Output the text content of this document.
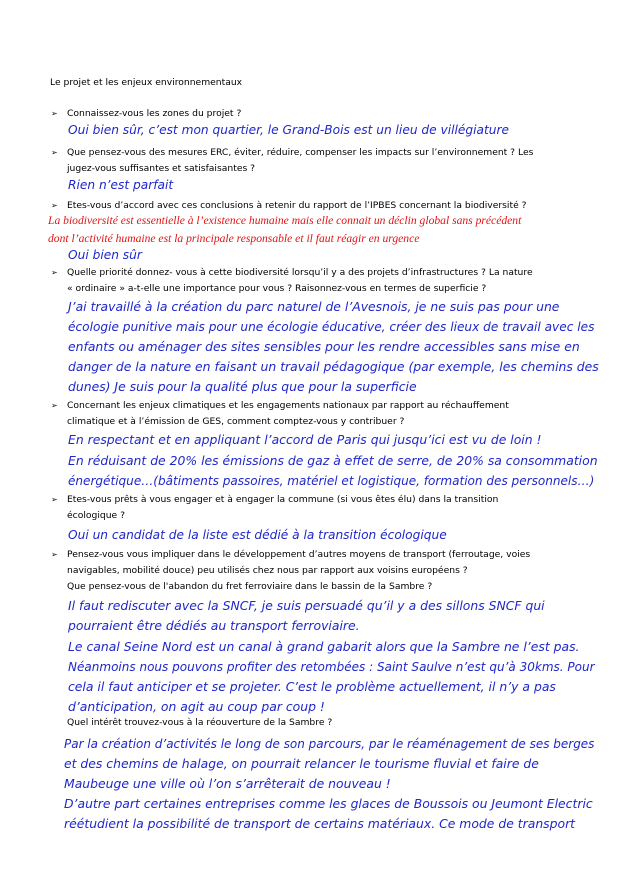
Le projet et les enjeux environnementaux
➢ Connaissez-vous les zones du projet ?
Oui bien sûr, c’est mon quartier, le Grand-Bois est un lieu de villégiature
➢ Que pensez-vous des mesures ERC, éviter, réduire, compenser les impacts sur l’environnement ? Les
jugez-vous suffisantes et satisfaisantes ?
Rien n’est parfait
➢ Etes-vous d’accord avec ces conclusions à retenir du rapport de l’IPBES concernant la biodiversité ?
La biodiversité est essentielle à l’existence humaine mais elle connait un déclin global sans précédent
dont l’activité humaine est la principale responsable et il faut réagir en urgence
Oui bien sûr
➢ Quelle priorité donnez- vous à cette biodiversité lorsqu’il y a des projets d’infrastructures ? La nature
« ordinaire » a-t-elle une importance pour vous ? Raisonnez-vous en termes de superficie ?
J’ai travaillé à la création du parc naturel de l’Avesnois, je ne suis pas pour une
écologie punitive mais pour une écologie éducative, créer des lieux de travail avec les
enfants ou aménager des sites sensibles pour les rendre accessibles sans mise en
danger de la nature en faisant un travail pédagogique (par exemple, les chemins des
dunes) Je suis pour la qualité plus que pour la superficie
➢ Concernant les enjeux climatiques et les engagements nationaux par rapport au réchauffement
climatique et à l’émission de GES, comment comptez-vous y contribuer ?
En respectant et en appliquant l’accord de Paris qui jusqu’ici est vu de loin !
En réduisant de 20% les émissions de gaz à effet de serre, de 20% sa consommation
énergétique…(bâtiments passoires, matériel et logistique, formation des personnels…)
➢ Etes-vous prêts à vous engager et à engager la commune (si vous êtes élu) dans la transition
écologique ?
Oui un candidat de la liste est dédié à la transition écologique
➢ Pensez-vous vous impliquer dans le développement d’autres moyens de transport (ferroutage, voies
navigables, mobilité douce) peu utilisés chez nous par rapport aux voisins européens ?
Que pensez-vous de l'abandon du fret ferroviaire dans le bassin de la Sambre ?
Il faut rediscuter avec la SNCF, je suis persuadé qu’il y a des sillons SNCF qui
pourraient être dédiés au transport ferroviaire.
Le canal Seine Nord est un canal à grand gabarit alors que la Sambre ne l’est pas.
Néanmoins nous pouvons profiter des retombées : Saint Saulve n’est qu’à 30kms. Pour
cela il faut anticiper et se projeter. C’est le problème actuellement, il n’y a pas
d’anticipation, on agit au coup par coup !
Quel intérêt trouvez-vous à la réouverture de la Sambre ?
Par la création d’activités le long de son parcours, par le réaménagement de ses berges
et des chemins de halage, on pourrait relancer le tourisme fluvial et faire de
Maubeuge une ville où l’on s’arrêterait de nouveau !
D’autre part certaines entreprises comme les glaces de Boussois ou Jeumont Electric
réétudient la possibilité de transport de certains matériaux. Ce mode de transport
